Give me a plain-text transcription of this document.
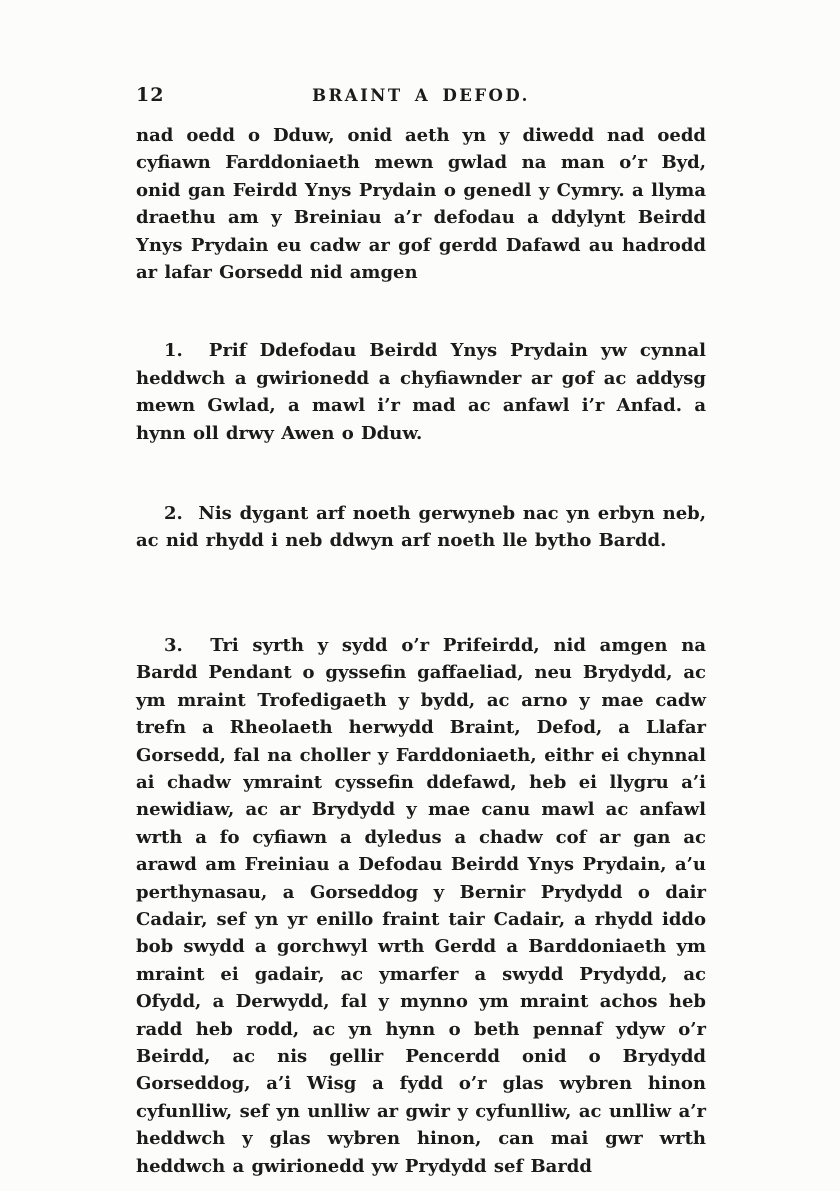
12	BRAINT A DEFOD.

nad oedd o Dduw, onid aeth yn y diwedd nad oedd cyfiawn Farddoniaeth mewn gwlad na man o’r Byd, onid gan Feirdd Ynys Prydain o genedl y Cymry. a llyma draethu am y Breiniau a’r defodau a ddylynt Beirdd Ynys Prydain eu cadw ar gof gerdd Dafawd au hadrodd ar lafar Gorsedd nid amgen

1.  Prif Ddefodau Beirdd Ynys Prydain yw cynnal heddwch a gwirionedd a chyfiawnder ar gof ac addysg mewn Gwlad, a mawl i’r mad ac anfawl i’r Anfad. a hynn oll drwy Awen o Dduw.

2.  Nis dygant arf noeth gerwyneb nac yn erbyn neb, ac nid rhydd i neb ddwyn arf noeth lle bytho Bardd.

3.  Tri syrth y sydd o’r Prifeirdd, nid amgen na Bardd Pendant o gyssefin gaffaeliad, neu Brydydd, ac ym mraint Trofedigaeth y bydd, ac arno y mae cadw trefn a Rheolaeth herwydd Braint, Defod, a Llafar Gorsedd, fal na choller y Farddoniaeth, eithr ei chynnal ai chadw ymraint cyssefin ddefawd, heb ei llygru a’i newidiaw, ac ar Brydydd y mae canu mawl ac anfawl wrth a fo cyfiawn a dyledus a chadw cof ar gan ac arawd am Freiniau a Defodau Beirdd Ynys Prydain, a’u perthynasau, a Gorseddog y Bernir Prydydd o dair Cadair, sef yn yr enillo fraint tair Cadair, a rhydd iddo bob swydd a gorchwyl wrth Gerdd a Barddoniaeth ym mraint ei gadair, ac ymarfer a swydd Prydydd, ac Ofydd, a Derwydd, fal y mynno ym mraint achos heb radd heb rodd, ac yn hynn o beth pennaf ydyw o’r Beirdd, ac nis gellir Pencerdd onid o Brydydd Gorseddog, a’i Wisg a fydd o’r glas wybren hinon cyfunlliw, sef yn unlliw ar gwir y cyfunlliw, ac unlliw a’r heddwch y glas wybren hinon, can mai gwr wrth heddwch a gwirionedd yw Prydydd sef Bardd
